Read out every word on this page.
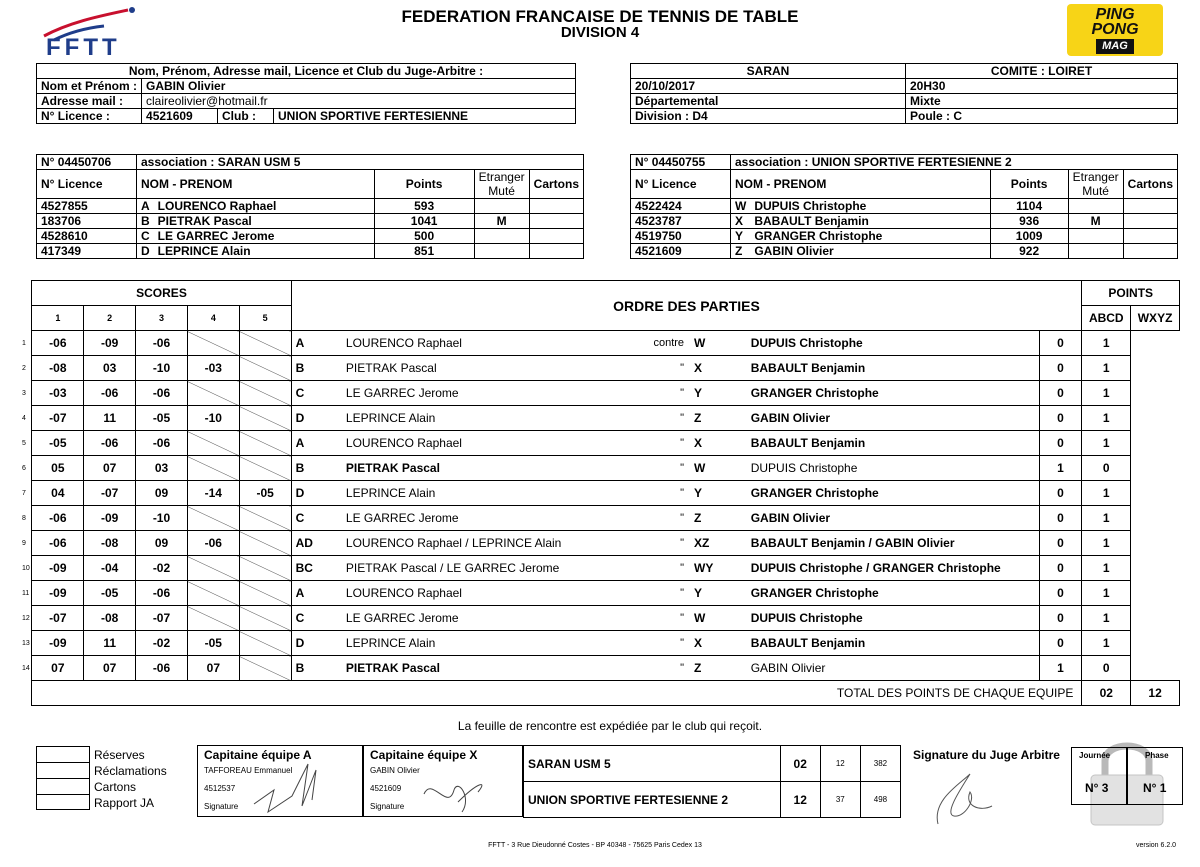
FFTT
FEDERATION FRANCAISE DE TENNIS DE TABLE
DIVISION 4
PING
PONG
MAG
Nom, Prénom, Adresse mail, Licence et Club du Juge-Arbitre :			
Nom et Prénom :	GABIN Olivier		
Adresse mail :	claireolivier@hotmail.fr		
N° Licence :	4521609	Club :	UNION SPORTIVE FERTESIENNE
SARAN	COMITE : LOIRET
20/10/2017	20H30
Départemental	Mixte
Division : D4	Poule : C
N° 04450706	association : SARAN USM 5				
N° Licence	NOM - PRENOM		Points	Etranger Muté	Cartons
4527855	A	LOURENCO Raphael	593		
183706	B	PIETRAK Pascal	1041	M	
4528610	C	LE GARREC Jerome	500		
417349	D	LEPRINCE Alain	851		
N° 04450755	association : UNION SPORTIVE FERTESIENNE 2				
N° Licence	NOM - PRENOM		Points	Etranger Muté	Cartons
4522424	W	DUPUIS Christophe	1104		
4523787	X	BABAULT Benjamin	936	M	
4519750	Y	GRANGER Christophe	1009		
4521609	Z	GABIN Olivier	922		
	SCORES					ORDRE DES PARTIES						POINTS	
	1	2	3	4	5							ABCD	WXYZ
1	-06	-09	-06			A	LOURENCO Raphael	contre	W	DUPUIS Christophe	0	1	
2	-08	03	-10	-03		B	PIETRAK Pascal	"	X	BABAULT Benjamin	0	1	
3	-03	-06	-06			C	LE GARREC Jerome	"	Y	GRANGER Christophe	0	1	
4	-07	11	-05	-10		D	LEPRINCE Alain	"	Z	GABIN Olivier	0	1	
5	-05	-06	-06			A	LOURENCO Raphael	"	X	BABAULT Benjamin	0	1	
6	05	07	03			B	PIETRAK Pascal	"	W	DUPUIS Christophe	1	0	
7	04	-07	09	-14	-05	D	LEPRINCE Alain	"	Y	GRANGER Christophe	0	1	
8	-06	-09	-10			C	LE GARREC Jerome	"	Z	GABIN Olivier	0	1	
9	-06	-08	09	-06		AD	LOURENCO Raphael / LEPRINCE Alain	"	XZ	BABAULT Benjamin / GABIN Olivier	0	1	
10	-09	-04	-02			BC	PIETRAK Pascal / LE GARREC Jerome	"	WY	DUPUIS Christophe / GRANGER Christophe	0	1	
11	-09	-05	-06			A	LOURENCO Raphael	"	Y	GRANGER Christophe	0	1	
12	-07	-08	-07			C	LE GARREC Jerome	"	W	DUPUIS Christophe	0	1	
13	-09	11	-02	-05		D	LEPRINCE Alain	"	X	BABAULT Benjamin	0	1	
14	07	07	-06	07		B	PIETRAK Pascal	"	Z	GABIN Olivier	1	0	
	TOTAL DES POINTS DE CHAQUE EQUIPE											02	12
La feuille de rencontre est expédiée par le club qui reçoit.
Réserves
Réclamations
Cartons
Rapport JA
Capitaine équipe A
TAFFOREAU Emmanuel
4512537
Signature
Capitaine équipe X
GABIN Olivier
4521609
Signature
SARAN USM 5	02	12	382
UNION SPORTIVE FERTESIENNE 2	12	37	498
Signature du Juge Arbitre Journée	Phase
N° 3	N° 1
FFTT - 3 Rue Dieudonné Costes - BP 40348 - 75625 Paris Cedex 13	version 6.2.0
